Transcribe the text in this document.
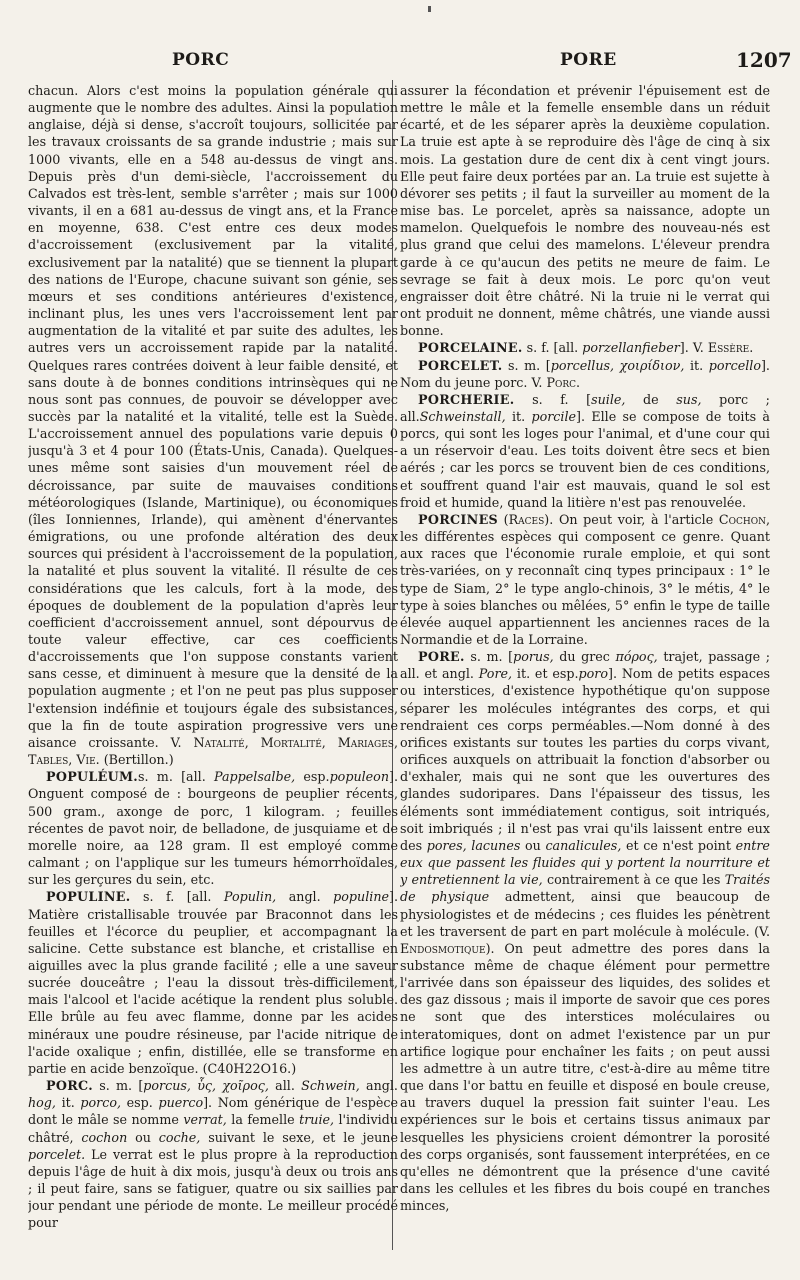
PORC	PORE	1207

chacun. Alors c'est moins la population générale qui augmente que le nombre des adultes. Ainsi la population anglaise, déjà si dense, s'accroît toujours, sollicitée par les travaux croissants de sa grande industrie ; mais sur 1000 vivants, elle en a 548 au-dessus de vingt ans. Depuis près d'un demi-siècle, l'accroissement du Calvados est très-lent, semble s'arrêter ; mais sur 1000 vivants, il en a 681 au-dessus de vingt ans, et la France en moyenne, 638. C'est entre ces deux modes d'accroissement (exclusivement par la vitalité, exclusivement par la natalité) que se tiennent la plupart des nations de l'Europe, chacune suivant son génie, ses mœurs et ses conditions antérieures d'existence, inclinant plus, les unes vers l'accroissement lent par augmentation de la vitalité et par suite des adultes, les autres vers un accroissement rapide par la natalité. Quelques rares contrées doivent à leur faible densité, et sans doute à de bonnes conditions intrinsèques qui ne nous sont pas connues, de pouvoir se développer avec succès par la natalité et la vitalité, telle est la Suède. L'accroissement annuel des populations varie depuis 0 jusqu'à 3 et 4 pour 100 (États-Unis, Canada). Quelques-unes même sont saisies d'un mouvement réel de décroissance, par suite de mauvaises conditions météorologiques (Islande, Martinique), ou économiques (îles Ionniennes, Irlande), qui amènent d'énervantes émigrations, ou une profonde altération des deux sources qui président à l'accroissement de la population, la natalité et plus souvent la vitalité. Il résulte de ces considérations que les calculs, fort à la mode, des époques de doublement de la population d'après leur coefficient d'accroissement annuel, sont dépourvus de toute valeur effective, car ces coefficients d'accroissements que l'on suppose constants varient sans cesse, et diminuent à mesure que la densité de la population augmente ; et l'on ne peut pas plus supposer l'extension indéfinie et toujours égale des subsistances, que la fin de toute aspiration progressive vers une aisance croissante. V. Natalité, Mortalité, Mariages, Tables, Vie. (Bertillon.)

POPULÉUM.s. m. [all. Pappelsalbe, esp.populeon]. Onguent composé de : bourgeons de peuplier récents, 500 gram., axonge de porc, 1 kilogram. ; feuilles récentes de pavot noir, de belladone, de jusquiame et de morelle noire, aa 128 gram. Il est employé comme calmant ; on l'applique sur les tumeurs hémorrhoïdales, sur les gerçures du sein, etc.

POPULINE. s. f. [all. Populin, angl. populine]. Matière cristallisable trouvée par Braconnot dans les feuilles et l'écorce du peuplier, et accompagnant la salicine. Cette substance est blanche, et cristallise en aiguilles avec la plus grande facilité ; elle a une saveur sucrée douceâtre ; l'eau la dissout très-difficilement, mais l'alcool et l'acide acétique la rendent plus soluble. Elle brûle au feu avec flamme, donne par les acides minéraux une poudre résineuse, par l'acide nitrique de l'acide oxalique ; enfin, distillée, elle se transforme en partie en acide benzoïque. (C40H22O16.)

PORC. s. m. [porcus, ὗς, χοῖρος, all. Schwein, angl. hog, it. porco, esp. puerco]. Nom générique de l'espèce dont le mâle se nomme verrat, la femelle truie, l'individu châtré, cochon ou coche, suivant le sexe, et le jeune porcelet. Le verrat est le plus propre à la reproduction depuis l'âge de huit à dix mois, jusqu'à deux ou trois ans ; il peut faire, sans se fatiguer, quatre ou six saillies par jour pendant une période de monte. Le meilleur procédé pour

assurer la fécondation et prévenir l'épuisement est de mettre le mâle et la femelle ensemble dans un réduit écarté, et de les séparer après la deuxième copulation. La truie est apte à se reproduire dès l'âge de cinq à six mois. La gestation dure de cent dix à cent vingt jours. Elle peut faire deux portées par an. La truie est sujette à dévorer ses petits ; il faut la surveiller au moment de la mise bas. Le porcelet, après sa naissance, adopte un mamelon. Quelquefois le nombre des nouveau-nés est plus grand que celui des mamelons. L'éleveur prendra garde à ce qu'aucun des petits ne meure de faim. Le sevrage se fait à deux mois. Le porc qu'on veut engraisser doit être châtré. Ni la truie ni le verrat qui ont produit ne donnent, même châtrés, une viande aussi bonne.

PORCELAINE. s. f. [all. porzellanfieber]. V. Essère.

PORCELET. s. m. [porcellus, χοιρίδιον, it. porcello]. Nom du jeune porc. V. Porc.

PORCHERIE. s. f. [suile, de sus, porc ; all.Schweinstall, it. porcile]. Elle se compose de toits à porcs, qui sont les loges pour l'animal, et d'une cour qui a un réservoir d'eau. Les toits doivent être secs et bien aérés ; car les porcs se trouvent bien de ces conditions, et souffrent quand l'air est mauvais, quand le sol est froid et humide, quand la litière n'est pas renouvelée.

PORCINES (Races). On peut voir, à l'article Cochon, les différentes espèces qui composent ce genre. Quant aux races que l'économie rurale emploie, et qui sont très-variées, on y reconnaît cinq types principaux : 1° le type de Siam, 2° le type anglo-chinois, 3° le métis, 4° le type à soies blanches ou mêlées, 5° enfin le type de taille élevée auquel appartiennent les anciennes races de la Normandie et de la Lorraine.

PORE. s. m. [porus, du grec πόρος, trajet, passage ; all. et angl. Pore, it. et esp.poro]. Nom de petits espaces ou interstices, d'existence hypothétique qu'on suppose séparer les molécules intégrantes des corps, et qui rendraient ces corps perméables.—Nom donné à des orifices existants sur toutes les parties du corps vivant, orifices auxquels on attribuait la fonction d'absorber ou d'exhaler, mais qui ne sont que les ouvertures des glandes sudoripares. Dans l'épaisseur des tissus, les éléments sont immédiatement contigus, soit intriqués, soit imbriqués ; il n'est pas vrai qu'ils laissent entre eux des pores, lacunes ou canalicules, et ce n'est point entre eux que passent les fluides qui y portent la nourriture et y entretiennent la vie, contrairement à ce que les Traités de physique admettent, ainsi que beaucoup de physiologistes et de médecins ; ces fluides les pénètrent et les traversent de part en part molécule à molécule. (V. Endosmotique). On peut admettre des pores dans la substance même de chaque élément pour permettre l'arrivée dans son épaisseur des liquides, des solides et des gaz dissous ; mais il importe de savoir que ces pores ne sont que des interstices moléculaires ou interatomiques, dont on admet l'existence par un pur artifice logique pour enchaîner les faits ; on peut aussi les admettre à un autre titre, c'est-à-dire au même titre que dans l'or battu en feuille et disposé en boule creuse, au travers duquel la pression fait suinter l'eau. Les expériences sur le bois et certains tissus animaux par lesquelles les physiciens croient démontrer la porosité des corps organisés, sont faussement interprétées, en ce qu'elles ne démontrent que la présence d'une cavité dans les cellules et les fibres du bois coupé en tranches minces,
